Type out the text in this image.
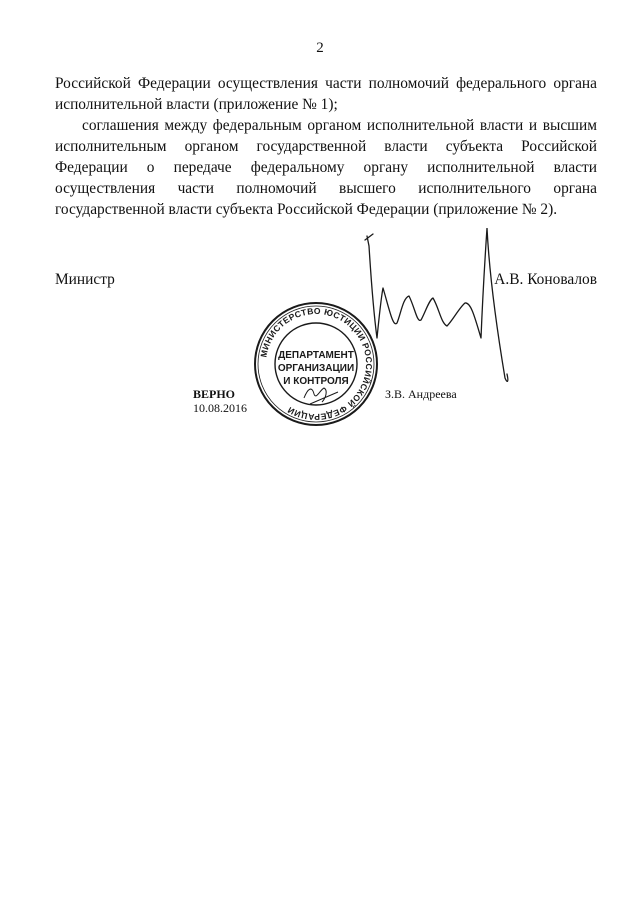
2

Российской Федерации осуществления части полномочий федерального органа исполнительной власти (приложение № 1);

соглашения между федеральным органом исполнительной власти и высшим исполнительным органом государственной власти субъекта Российской Федерации о передаче федеральному органу исполнительной власти осуществления части полномочий высшего исполнительного органа государственной власти субъекта Российской Федерации (приложение № 2).

Министр	А.В. Коновалов
МИНИСТЕРСТВО ЮСТИЦИИ РОССИЙСКОЙ ФЕДЕРАЦИИ
ДЕПАРТАМЕНТ
ОРГАНИЗАЦИИ
И КОНТРОЛЯ
ВЕРНО
10.08.2016
З.В. Андреева
